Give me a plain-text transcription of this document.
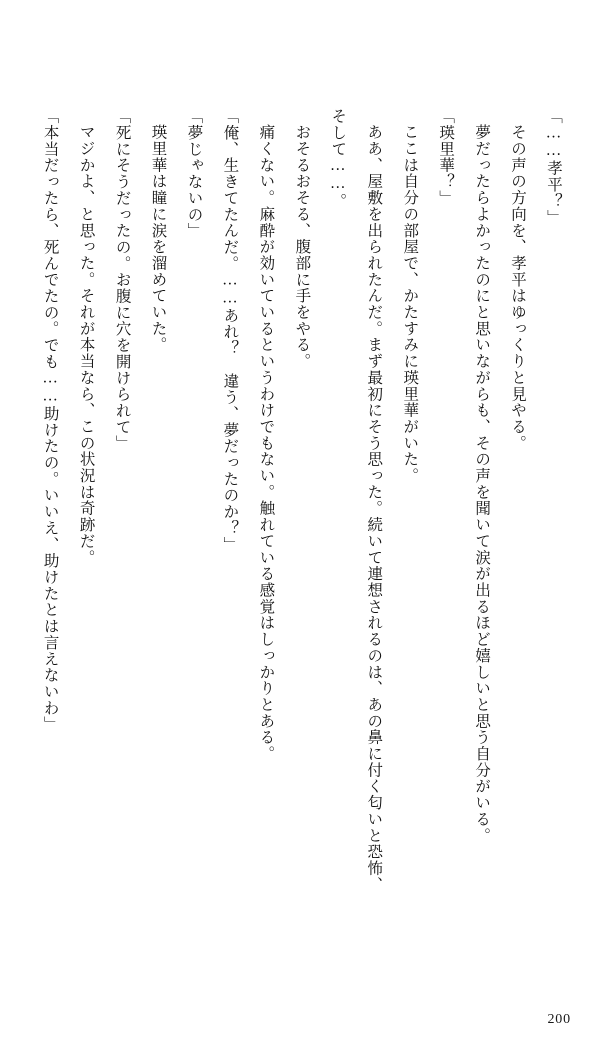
「……孝平？」

その声の方向を、孝平はゆっくりと見やる。

夢だったらよかったのにと思いながらも、その声を聞いて涙が出るほど嬉しいと思う自分がいる。

「瑛里華？」

ここは自分の部屋で、かたすみに瑛里華がいた。

ああ、屋敷を出られたんだ。まず最初にそう思った。続いて連想されるのは、あの鼻に付く匂いと恐怖、そして……。

おそるおそる、腹部に手をやる。

痛くない。麻酔が効いているというわけでもない。触れている感覚はしっかりとある。

「俺、生きてたんだ。……あれ？　違う、夢だったのか？」

「夢じゃないの」

瑛里華は瞳に涙を溜めていた。

「死にそうだったの。お腹に穴を開けられて」

マジかよ、と思った。それが本当なら、この状況は奇跡だ。

「本当だったら、死んでたの。でも……助けたの。いいえ、助けたとは言えないわ」

200
